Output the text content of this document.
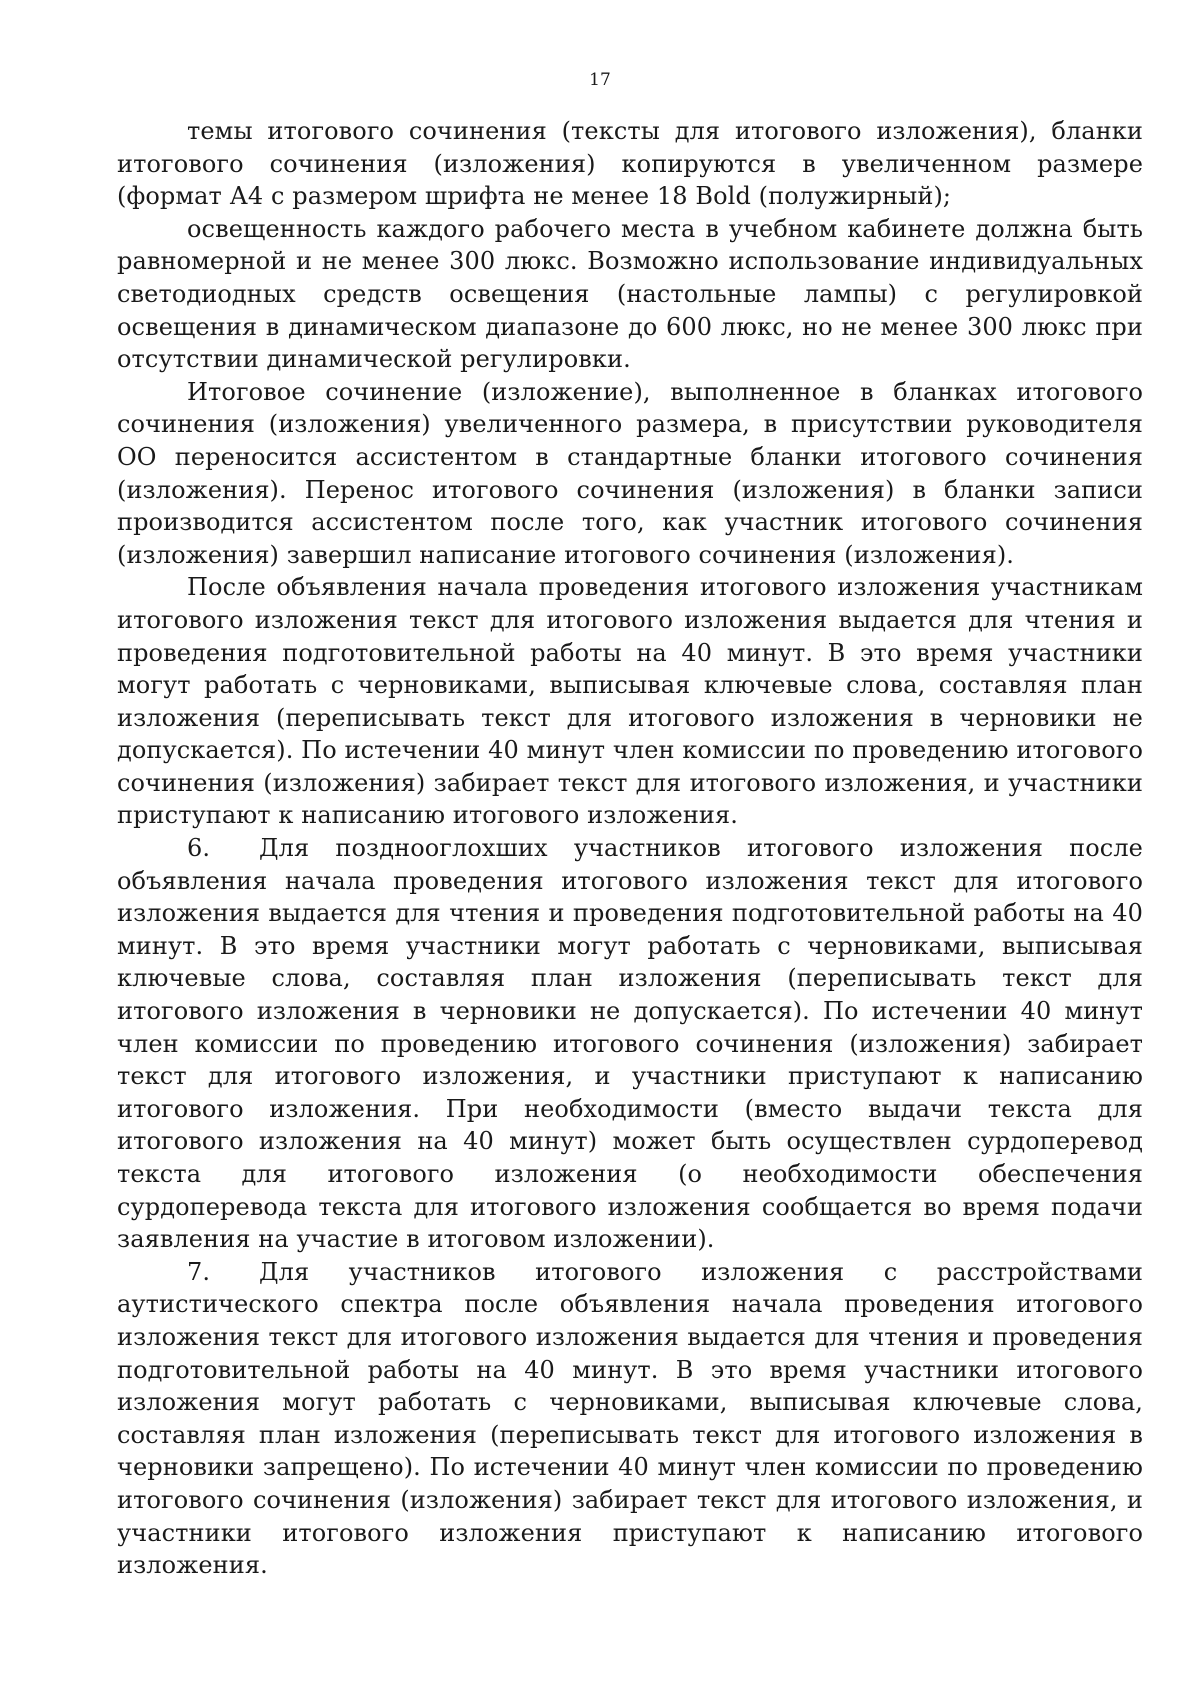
17

темы итогового сочинения (тексты для итогового изложения), бланки итогового сочинения (изложения) копируются в увеличенном размере (формат А4 с размером шрифта не менее 18 Bold (полужирный);

освещенность каждого рабочего места в учебном кабинете должна быть равномерной и не менее 300 люкс. Возможно использование индивидуальных светодиодных средств освещения (настольные лампы) с регулировкой освещения в динамическом диапазоне до 600 люкс, но не менее 300 люкс при отсутствии динамической регулировки.

Итоговое сочинение (изложение), выполненное в бланках итогового сочинения (изложения) увеличенного размера, в присутствии руководителя ОО переносится ассистентом в стандартные бланки итогового сочинения (изложения). Перенос итогового сочинения (изложения) в бланки записи производится ассистентом после того, как участник итогового сочинения (изложения) завершил написание итогового сочинения (изложения).

После объявления начала проведения итогового изложения участникам итогового изложения текст для итогового изложения выдается для чтения и проведения подготовительной работы на 40 минут. В это время участники могут работать с черновиками, выписывая ключевые слова, составляя план изложения (переписывать текст для итогового изложения в черновики не допускается). По истечении 40 минут член комиссии по проведению итогового сочинения (изложения) забирает текст для итогового изложения, и участники приступают к написанию итогового изложения.

6. Для позднооглохших участников итогового изложения после объявления начала проведения итогового изложения текст для итогового изложения выдается для чтения и проведения подготовительной работы на 40 минут. В это время участники могут работать с черновиками, выписывая ключевые слова, составляя план изложения (переписывать текст для итогового изложения в черновики не допускается). По истечении 40 минут член комиссии по проведению итогового сочинения (изложения) забирает текст для итогового изложения, и участники приступают к написанию итогового изложения. При необходимости (вместо выдачи текста для итогового изложения на 40 минут) может быть осуществлен сурдоперевод текста для итогового изложения (о необходимости обеспечения сурдоперевода текста для итогового изложения сообщается во время подачи заявления на участие в итоговом изложении).

7. Для участников итогового изложения с расстройствами аутистического спектра после объявления начала проведения итогового изложения текст для итогового изложения выдается для чтения и проведения подготовительной работы на 40 минут. В это время участники итогового изложения могут работать с черновиками, выписывая ключевые слова, составляя план изложения (переписывать текст для итогового изложения в черновики запрещено). По истечении 40 минут член комиссии по проведению итогового сочинения (изложения) забирает текст для итогового изложения, и участники итогового изложения приступают к написанию итогового изложения.
